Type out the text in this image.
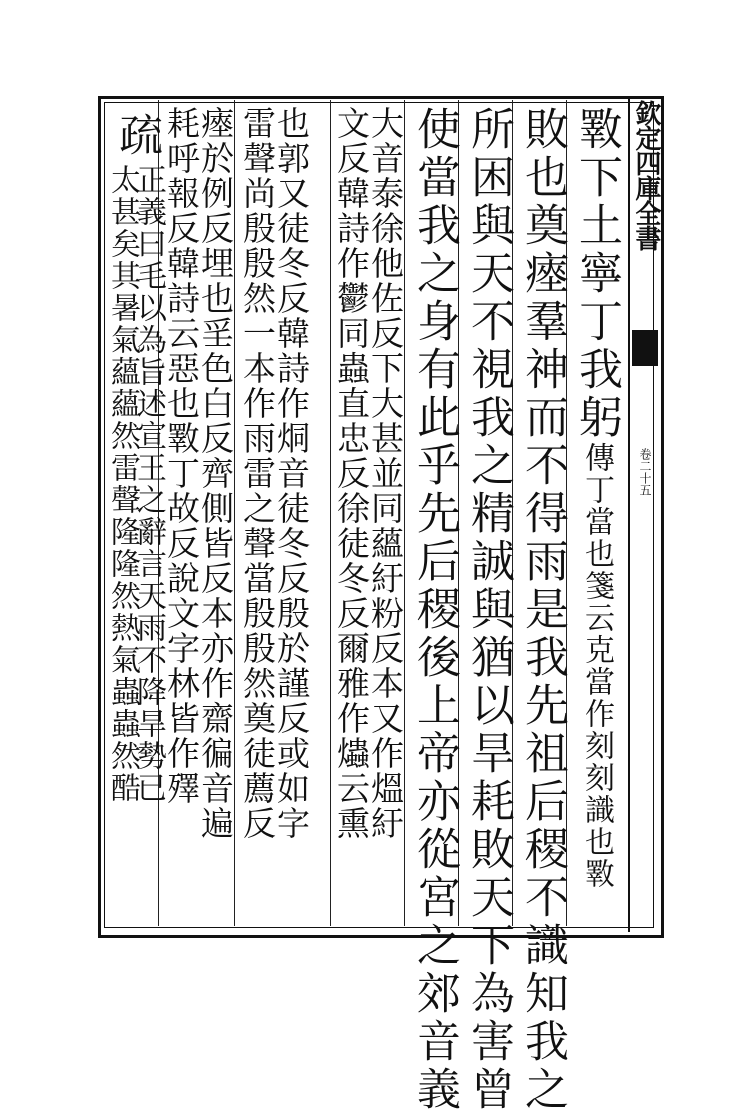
欽定四庫全書
卷二十五
斁下土寧丁我躬傳丁當也箋云克當作刻刻識也斁
敗也奠瘞羣神而不得雨是我先祖后稷不識知我之
所困與天不視我之精誠與猶以旱耗敗天下為害曾
使當我之身有此乎先后稷後上帝亦從宮之郊音義
大音泰徐他佐反下大甚並同蘊紆粉反本又作熅紆
文反韓詩作鬱同蟲直忠反徐徒冬反爾雅作爞云熏
也郭又徒冬反韓詩作烔音徒冬反殷於謹反或如字
雷聲尚殷殷然一本作雨雷之聲當殷殷然奠徒薦反
瘞於例反埋也㸒色白反齊側皆反本亦作齋徧音遍
耗呼報反韓詩云惡也斁丁故反說文字林皆作殬
疏
正義曰毛以為旨述宣王之辭言天雨不降旱勢已
太甚矣其暑氣蘊蘊然雷聲隆隆然熱氣蟲蟲然酷
